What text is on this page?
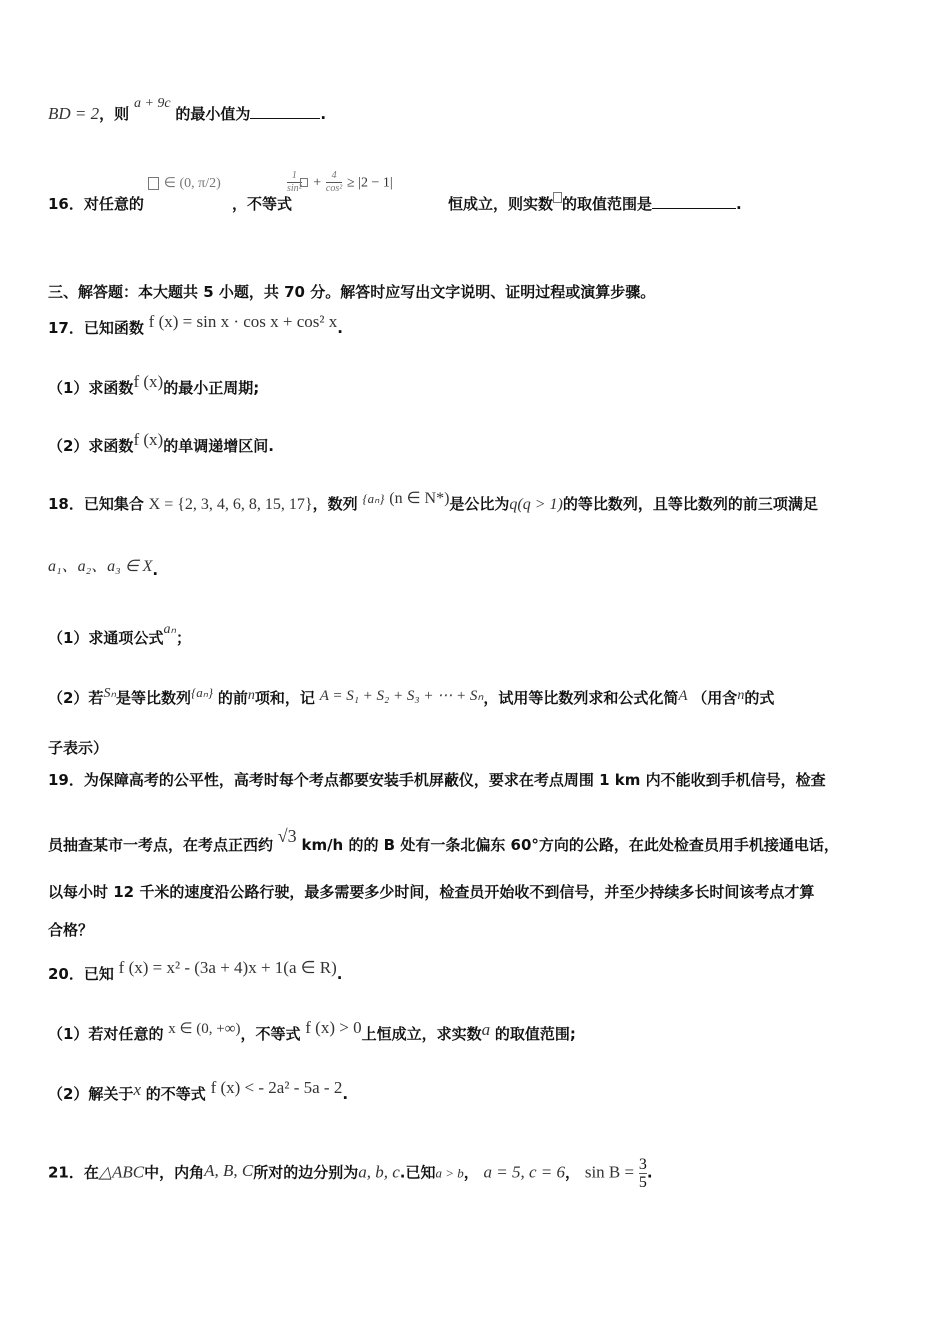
BD = 2，则 a + 9c 的最小值为	.
16．对任意的
∈ (0, π/2)
，不等式
$\frac{1}{\text{sin²}} + \frac{4}{\text{cos²}} \ge |2 - 1|$
恒成立，则实数 的取值范围是	.
三、解答题：本大题共 5 小题，共 70 分。解答时应写出文字说明、证明过程或演算步骤。
17．已知函数 f (x) = sin x · cos x + cos² x.
（1）求函数f (x)的最小正周期;
（2）求函数f (x)的单调递增区间.
18．已知集合 X = {2, 3, 4, 6, 8, 15, 17}，数列 {aₙ} (n ∈ N*)是公比为q(q > 1)的等比数列，且等比数列的前三项满足
a₁、a₂、a₃ ∈ X.
（1）求通项公式aₙ；
（2）若Sₙ是等比数列{aₙ} 的前n项和，记 A = S₁ + S₂ + S₃ + ⋯ + Sₙ，试用等比数列求和公式化简A （用含n的式
子表示）
19．为保障高考的公平性，高考时每个考点都要安装手机屏蔽仪，要求在考点周围 1 km 内不能收到手机信号，检查
员抽查某市一考点，在考点正西约 √3 km/h 的的 B 处有一条北偏东 60°方向的公路，在此处检查员用手机接通电话，
以每小时 12 千米的速度沿公路行驶，最多需要多少时间，检查员开始收不到信号，并至少持续多长时间该考点才算
合格？
20．已知 f (x) = x² - (3a + 4)x + 1(a ∈ R).
（1）若对任意的 x ∈ (0, +∞)，不等式 f (x) > 0上恒成立，求实数a 的取值范围;
（2）解关于x 的不等式 f (x) < - 2a² - 5a - 2.
21．在△ABC中，内角A, B, C所对的边分别为a, b, c.已知a > b， a = 5, c = 6， $\sin B = \frac{3}{5}$ .
